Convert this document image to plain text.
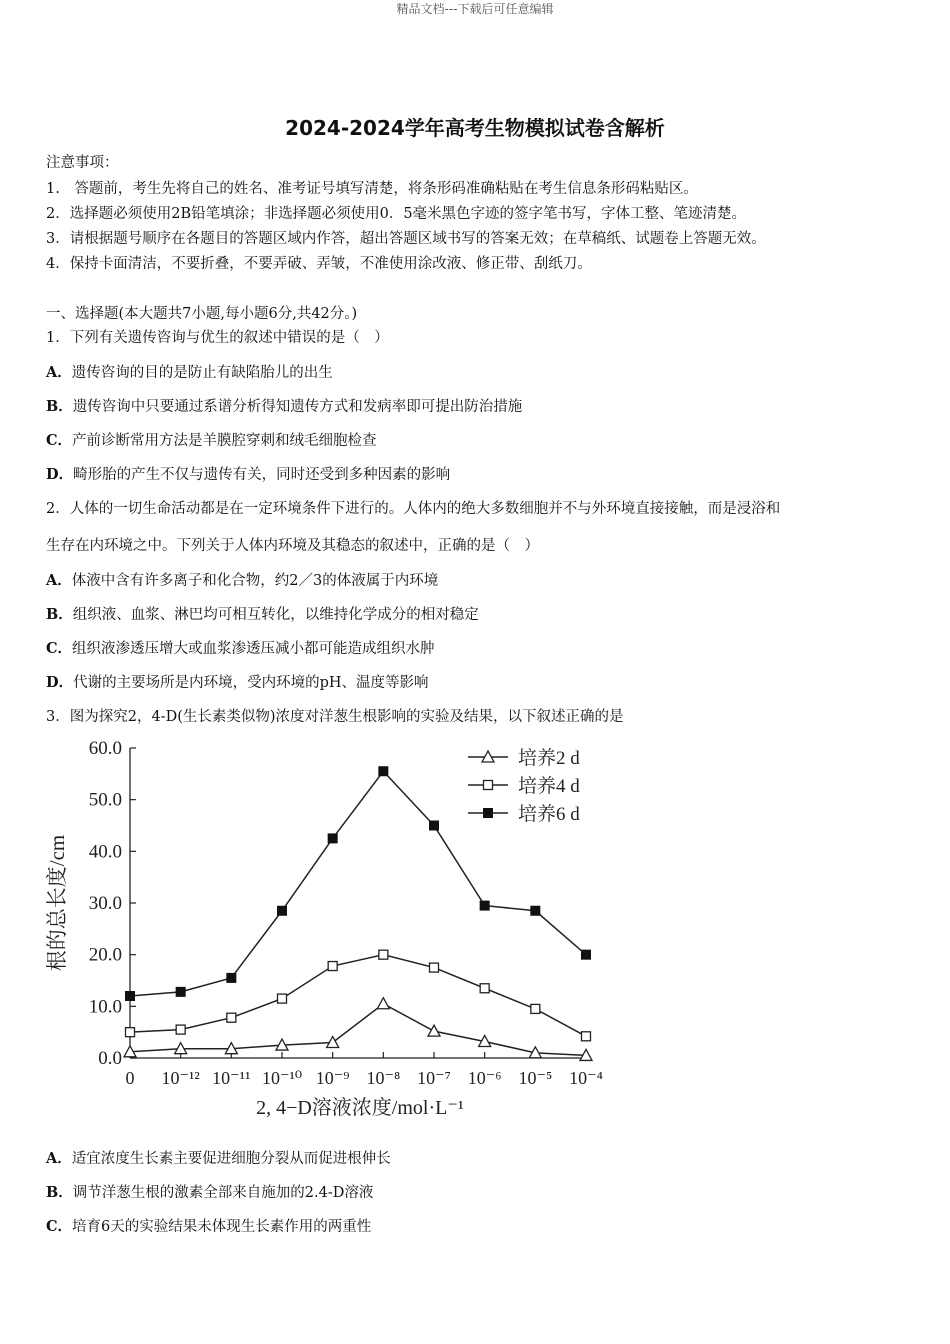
精品文档---下载后可任意编辑
2024-2024学年高考生物模拟试卷含解析
注意事项：
1.　答题前，考生先将自己的姓名、准考证号填写清楚，将条形码准确粘贴在考生信息条形码粘贴区。
2．选择题必须使用2B铅笔填涂；非选择题必须使用0．5毫米黑色字迹的签字笔书写，字体工整、笔迹清楚。
3．请根据题号顺序在各题目的答题区域内作答，超出答题区域书写的答案无效；在草稿纸、试题卷上答题无效。
4．保持卡面清洁，不要折叠，不要弄破、弄皱，不准使用涂改液、修正带、刮纸刀。
一、选择题(本大题共7小题,每小题6分,共42分。)
1．下列有关遗传咨询与优生的叙述中错误的是（　）
A．遗传咨询的目的是防止有缺陷胎儿的出生
B．遗传咨询中只要通过系谱分析得知遗传方式和发病率即可提出防治措施
C．产前诊断常用方法是羊膜腔穿刺和绒毛细胞检查
D．畸形胎的产生不仅与遗传有关，同时还受到多种因素的影响
2．人体的一切生命活动都是在一定环境条件下进行的。人体内的绝大多数细胞并不与外环境直接接触，而是浸浴和
生存在内环境之中。下列关于人体内环境及其稳态的叙述中，正确的是（　）
A．体液中含有许多离子和化合物，约2／3的体液属于内环境
B．组织液、血浆、淋巴均可相互转化，以维持化学成分的相对稳定
C．组织液渗透压增大或血浆渗透压减小都可能造成组织水肿
D．代谢的主要场所是内环境，受内环境的pH、温度等影响
3．图为探究2，4-D(生长素类似物)浓度对洋葱生根影响的实验及结果，以下叙述正确的是
0.0
10.0
20.0
30.0
40.0
50.0
60.0
0 10⁻¹² 10⁻¹¹ 10⁻¹⁰ 10⁻⁹ 10⁻⁸ 10⁻⁷ 10⁻⁶ 10⁻⁵ 10⁻⁴
根的总长度/cm
2, 4−D溶液浓度/mol·L⁻¹
培养2 d
培养4 d
培养6 d
A．适宜浓度生长素主要促进细胞分裂从而促进根伸长
B．调节洋葱生根的激素全部来自施加的2.4-D溶液
C．培育6天的实验结果未体现生长素作用的两重性
